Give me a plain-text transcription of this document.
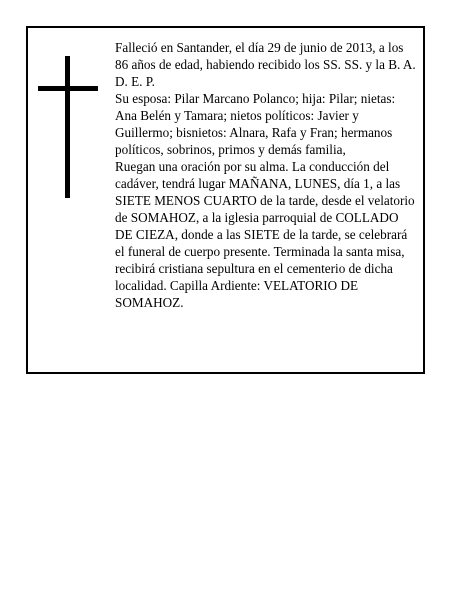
Falleció en Santander, el día 29 de junio de 2013, a los 86 años de edad, habiendo recibido los SS. SS. y la B. A.

D. E. P.

Su esposa: Pilar Marcano Polanco; hija: Pilar; nietas: Ana Belén y Tamara; nietos políticos: Javier y Guillermo; bisnietos: Alnara, Rafa y Fran; hermanos políticos, sobrinos, primos y demás familia,

Ruegan una oración por su alma. La conducción del cadáver, tendrá lugar MAÑANA, LUNES, día 1, a las SIETE MENOS CUARTO de la tarde, desde el velatorio de SOMAHOZ, a la iglesia parroquial de COLLADO DE CIEZA, donde a las SIETE de la tarde, se celebrará el funeral de cuerpo presente. Terminada la santa misa, recibirá cristiana sepultura en el cementerio de dicha localidad. Capilla Ardiente: VELATORIO DE SOMAHOZ.
